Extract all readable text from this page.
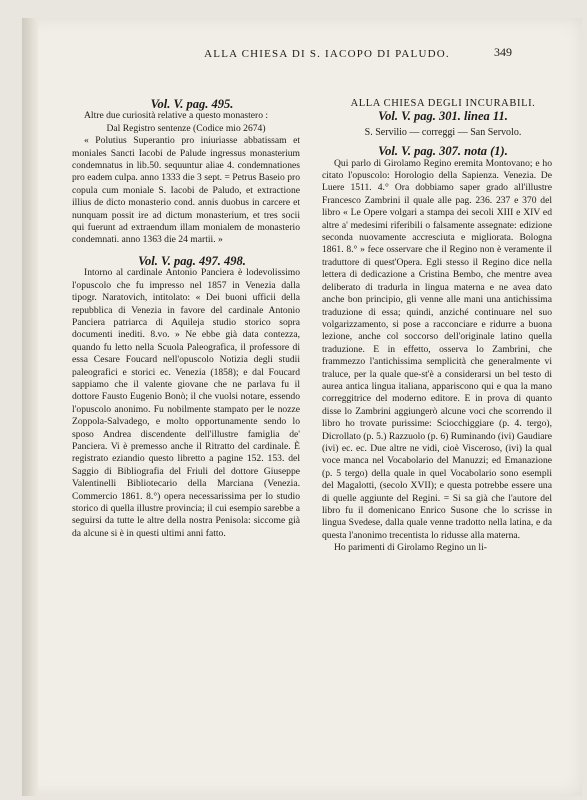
ALLA CHIESA DI S. IACOPO DI PALUDO.	349

Vol. V. pag. 495.

Altre due curiosità relative a questo monastero :

Dal Registro sentenze (Codice mio 2674)

« Polutius Superantio pro iniuriasse abbatissam et moniales Sancti Iacobi de Palude ingressus monasterium condemnatus in lib.50. sequuntur aliae 4. condemnationes pro eadem culpa. anno 1333 die 3 sept. = Petrus Baseio pro copula cum moniale S. Iacobi de Paludo, et extractione illius de dicto monasterio cond. annis duobus in carcere et nunquam possit ire ad dictum monasterium, et tres socii qui fuerunt ad extraendum illam monialem de monasterio condemnati. anno 1363 die 24 martii. »

Vol. V. pag. 497. 498.

Intorno al cardinale Antonio Panciera è lodevolissimo l'opuscolo che fu impresso nel 1857 in Venezia dalla tipogr. Naratovich, intitolato: « Dei buoni ufficii della repubblica di Venezia in favore del cardinale Antonio Panciera patriarca di Aquileja studio storico sopra documenti inediti. 8.vo. » Ne ebbe già data contezza, quando fu letto nella Scuola Paleografica, il professore di essa Cesare Foucard nell'opuscolo Notizia degli studii paleografici e storici ec. Venezia (1858); e dal Foucard sappiamo che il valente giovane che ne parlava fu il dottore Fausto Eugenio Bonò; il che vuolsi notare, essendo l'opuscolo anonimo. Fu nobilmente stampato per le nozze Zoppola-Salvadego, e molto opportunamente sendo lo sposo Andrea discendente dell'illustre famiglia de' Panciera. Vi è premesso anche il Ritratto del cardinale. È registrato eziandio questo libretto a pagine 152. 153. del Saggio di Bibliografia del Friuli del dottore Giuseppe Valentinelli Bibliotecario della Marciana (Venezia. Commercio 1861. 8.°) opera necessarissima per lo studio storico di quella illustre provincia; il cui esempio sarebbe a seguirsi da tutte le altre della nostra Penisola: siccome già da alcune si è in questi ultimi anni fatto.

ALLA CHIESA DEGLI INCURABILI.

Vol. V. pag. 301. linea 11.

S. Servilio — correggi — San Servolo.

Vol. V. pag. 307. nota (1).

Qui parlo di Girolamo Regino eremita Montovano; e ho citato l'opuscolo: Horologio della Sapienza. Venezia. De Luere 1511. 4.° Ora dobbiamo saper grado all'illustre Francesco Zambrini il quale alle pag. 236. 237 e 370 del libro « Le Opere volgari a stampa dei secoli XIII e XIV ed altre a' medesimi riferibili o falsamente assegnate: edizione seconda nuovamente accresciuta e migliorata. Bologna 1861. 8.° » fece osservare che il Regino non è veramente il traduttore di quest'Opera. Egli stesso il Regino dice nella lettera di dedicazione a Cristina Bembo, che mentre avea deliberato di tradurla in lingua materna e ne avea dato anche bon principio, gli venne alle mani una antichissima traduzione di essa; quindi, anziché continuare nel suo volgarizzamento, si pose a racconciare e ridurre a buona lezione, anche col soccorso dell'originale latino quella traduzione. E in effetto, osserva lo Zambrini, che frammezzo l'antichissima semplicità che generalmente vi traluce, per la quale que-st'è a considerarsi un bel testo di aurea antica lingua italiana, appariscono qui e qua la mano correggitrice del moderno editore. E in prova di quanto disse lo Zambrini aggiungerò alcune voci che scorrendo il libro ho trovate purissime: Sciocchiggiare (p. 4. tergo), Dicrollato (p. 5.) Razzuolo (p. 6) Ruminando (ivi) Gaudiare (ivi) ec. ec. Due altre ne vidi, cioè Visceroso, (ivi) la qual voce manca nel Vocabolario del Manuzzi; ed Emanazione (p. 5 tergo) della quale in quel Vocabolario sono esempli del Magalotti, (secolo XVII); e questa potrebbe essere una di quelle aggiunte del Regini. = Si sa già che l'autore del libro fu il domenicano Enrico Susone che lo scrisse in lingua Svedese, dalla quale venne tradotto nella latina, e da questa l'anonimo trecentista lo ridusse alla materna.

Ho parimenti di Girolamo Regino un li-
